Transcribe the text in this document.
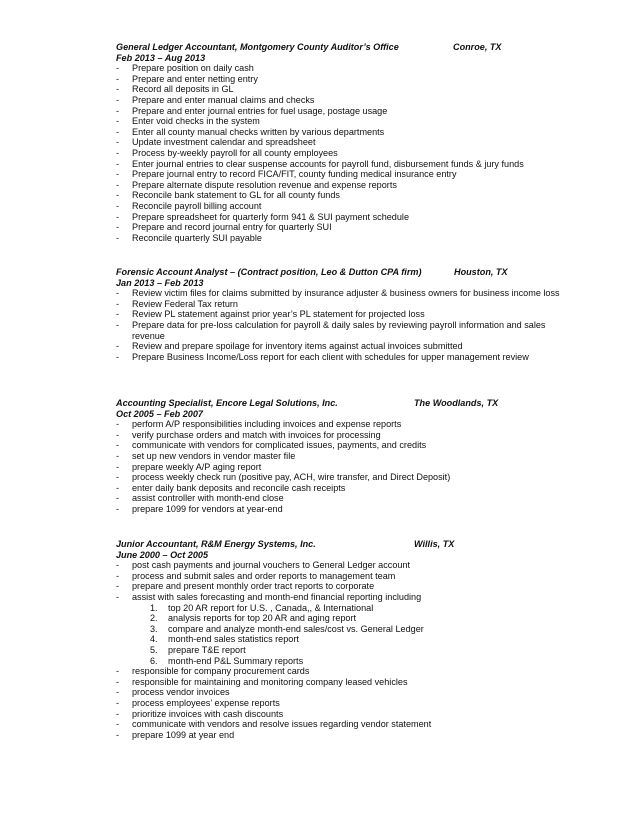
General Ledger Accountant, Montgomery County Auditor’s Office	Conroe, TX
Feb 2013 – Aug 2013
- Prepare position on daily cash
- Prepare and enter netting entry
- Record all deposits in GL
- Prepare and enter manual claims and checks
- Prepare and enter journal entries for fuel usage, postage usage
- Enter void checks in the system
- Enter all county manual checks written by various departments
- Update investment calendar and spreadsheet
- Process by-weekly payroll for all county employees
- Enter journal entries to clear suspense accounts for payroll fund, disbursement funds & jury funds
- Prepare journal entry to record FICA/FIT, county funding medical insurance entry
- Prepare alternate dispute resolution revenue and expense reports
- Reconcile bank statement to GL for all county funds
- Reconcile payroll billing account
- Prepare spreadsheet for quarterly form 941 & SUI payment schedule
- Prepare and record journal entry for quarterly SUI
- Reconcile quarterly SUI payable
Forensic Account Analyst – (Contract position, Leo & Dutton CPA firm)	Houston, TX
Jan 2013 – Feb 2013
- Review victim files for claims submitted by insurance adjuster & business owners for business income loss
- Review Federal Tax return
- Review PL statement against prior year’s PL statement for projected loss
- Prepare data for pre-loss calculation for payroll & daily sales by reviewing payroll information and sales revenue
- Review and prepare spoilage for inventory items against actual invoices submitted
- Prepare Business Income/Loss report for each client with schedules for upper management review
Accounting Specialist, Encore Legal Solutions, Inc.	The Woodlands, TX
Oct 2005 – Feb 2007
- perform A/P responsibilities including invoices and expense reports
- verify purchase orders and match with invoices for processing
- communicate with vendors for complicated issues, payments, and credits
- set up new vendors in vendor master file
- prepare weekly A/P aging report
- process weekly check run (positive pay, ACH, wire transfer, and Direct Deposit)
- enter daily bank deposits and reconcile cash receipts
- assist controller with month-end close
- prepare 1099 for vendors at year-end
Junior Accountant, R&M Energy Systems, Inc.	Willis, TX
June 2000 – Oct 2005
- post cash payments and journal vouchers to General Ledger account
- process and submit sales and order reports to management team
- prepare and present monthly order tract reports to corporate
- assist with sales forecasting and month-end financial reporting including
1. top 20 AR report for U.S. , Canada,, & International
2. analysis reports for top 20 AR and aging report
3. compare and analyze month-end sales/cost vs. General Ledger
4. month-end sales statistics report
5. prepare T&E report
6. month-end P&L Summary reports
- responsible for company procurement cards
- responsible for maintaining and monitoring company leased vehicles
- process vendor invoices
- process employees’ expense reports
- prioritize invoices with cash discounts
- communicate with vendors and resolve issues regarding vendor statement
- prepare 1099 at year end
